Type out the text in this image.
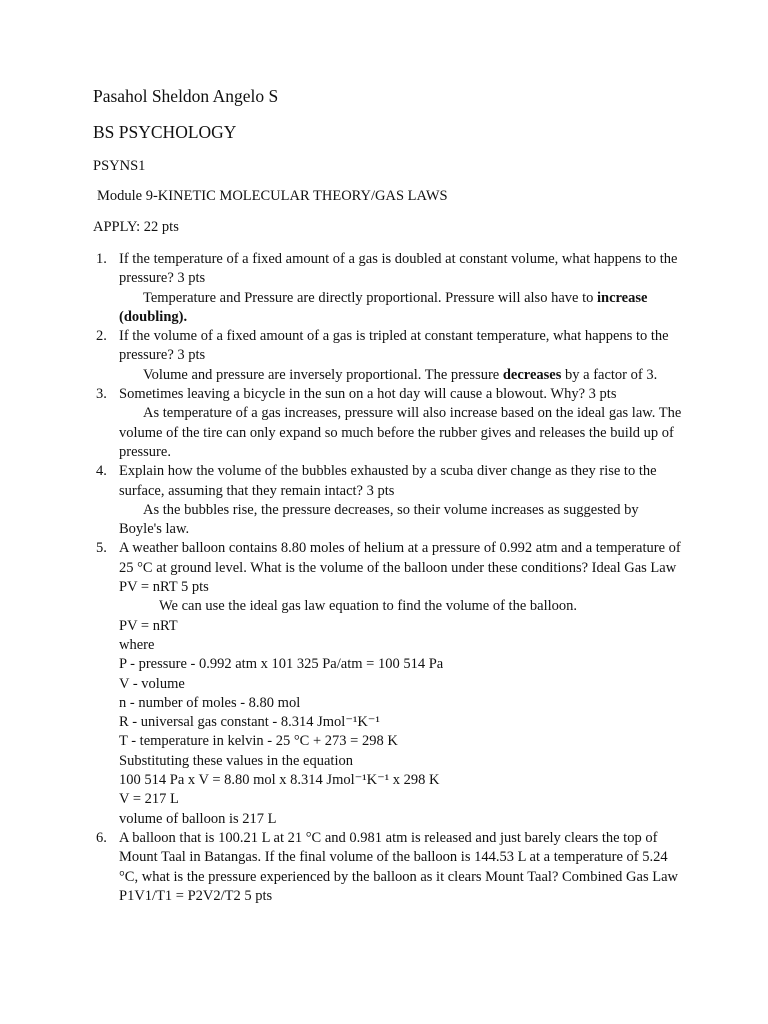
Pasahol Sheldon Angelo S
BS PSYCHOLOGY
PSYNS1
Module 9-KINETIC MOLECULAR THEORY/GAS LAWS
APPLY: 22 pts
1. If the temperature of a fixed amount of a gas is doubled at constant volume, what happens to the pressure? 3 pts
Temperature and Pressure are directly proportional. Pressure will also have to increase (doubling).
2. If the volume of a fixed amount of a gas is tripled at constant temperature, what happens to the pressure? 3 pts
Volume and pressure are inversely proportional. The pressure decreases by a factor of 3.
3. Sometimes leaving a bicycle in the sun on a hot day will cause a blowout. Why? 3 pts
As temperature of a gas increases, pressure will also increase based on the ideal gas law. The volume of the tire can only expand so much before the rubber gives and releases the build up of pressure.
4. Explain how the volume of the bubbles exhausted by a scuba diver change as they rise to the surface, assuming that they remain intact? 3 pts
As the bubbles rise, the pressure decreases, so their volume increases as suggested by Boyle's law.
5. A weather balloon contains 8.80 moles of helium at a pressure of 0.992 atm and a temperature of 25 °C at ground level. What is the volume of the balloon under these conditions? Ideal Gas Law PV = nRT 5 pts
We can use the ideal gas law equation to find the volume of the balloon.
PV = nRT
where
P - pressure - 0.992 atm x 101 325 Pa/atm = 100 514 Pa
V - volume
n - number of moles - 8.80 mol
R - universal gas constant - 8.314 Jmol⁻¹K⁻¹
T - temperature in kelvin - 25 °C + 273 = 298 K
Substituting these values in the equation
100 514 Pa x V = 8.80 mol x 8.314 Jmol⁻¹K⁻¹ x 298 K
V = 217 L
volume of balloon is 217 L
6. A balloon that is 100.21 L at 21 °C and 0.981 atm is released and just barely clears the top of Mount Taal in Batangas. If the final volume of the balloon is 144.53 L at a temperature of 5.24 °C, what is the pressure experienced by the balloon as it clears Mount Taal? Combined Gas Law P1V1/T1 = P2V2/T2 5 pts
